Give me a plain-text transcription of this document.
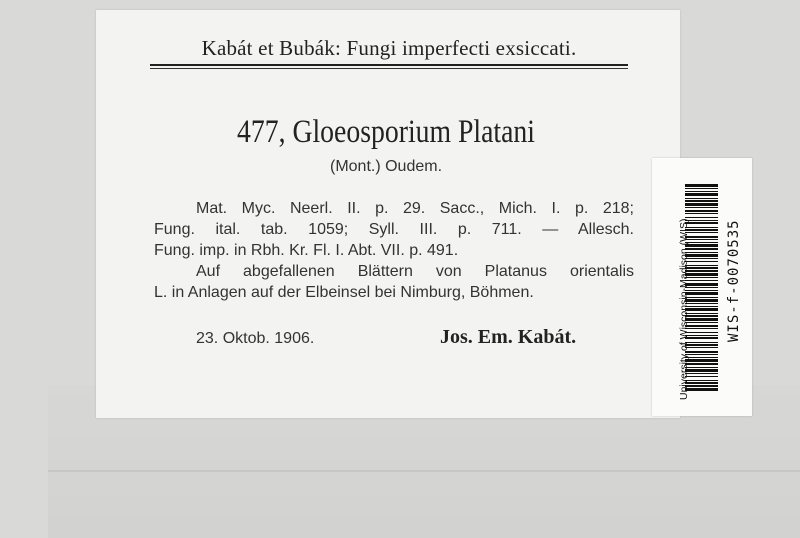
Kabát et Bubák: Fungi imperfecti exsiccati.
477, Gloeosporium Platani
(Mont.) Oudem.
Mat. Myc. Neerl. II. p. 29. Sacc., Mich. I. p. 218;
Fung. ital. tab. 1059; Syll. III. p. 711. — Allesch.
Fung. imp. in Rbh. Kr. Fl. I. Abt. VII. p. 491.
Auf abgefallenen Blättern von Platanus orientalis
L. in Anlagen auf der Elbeinsel bei Nimburg, Böhmen.
23. Oktob. 1906.	Jos. Em. Kabát.	University of Wisconsin-Madison (WIS)	WIS-f-0070535
